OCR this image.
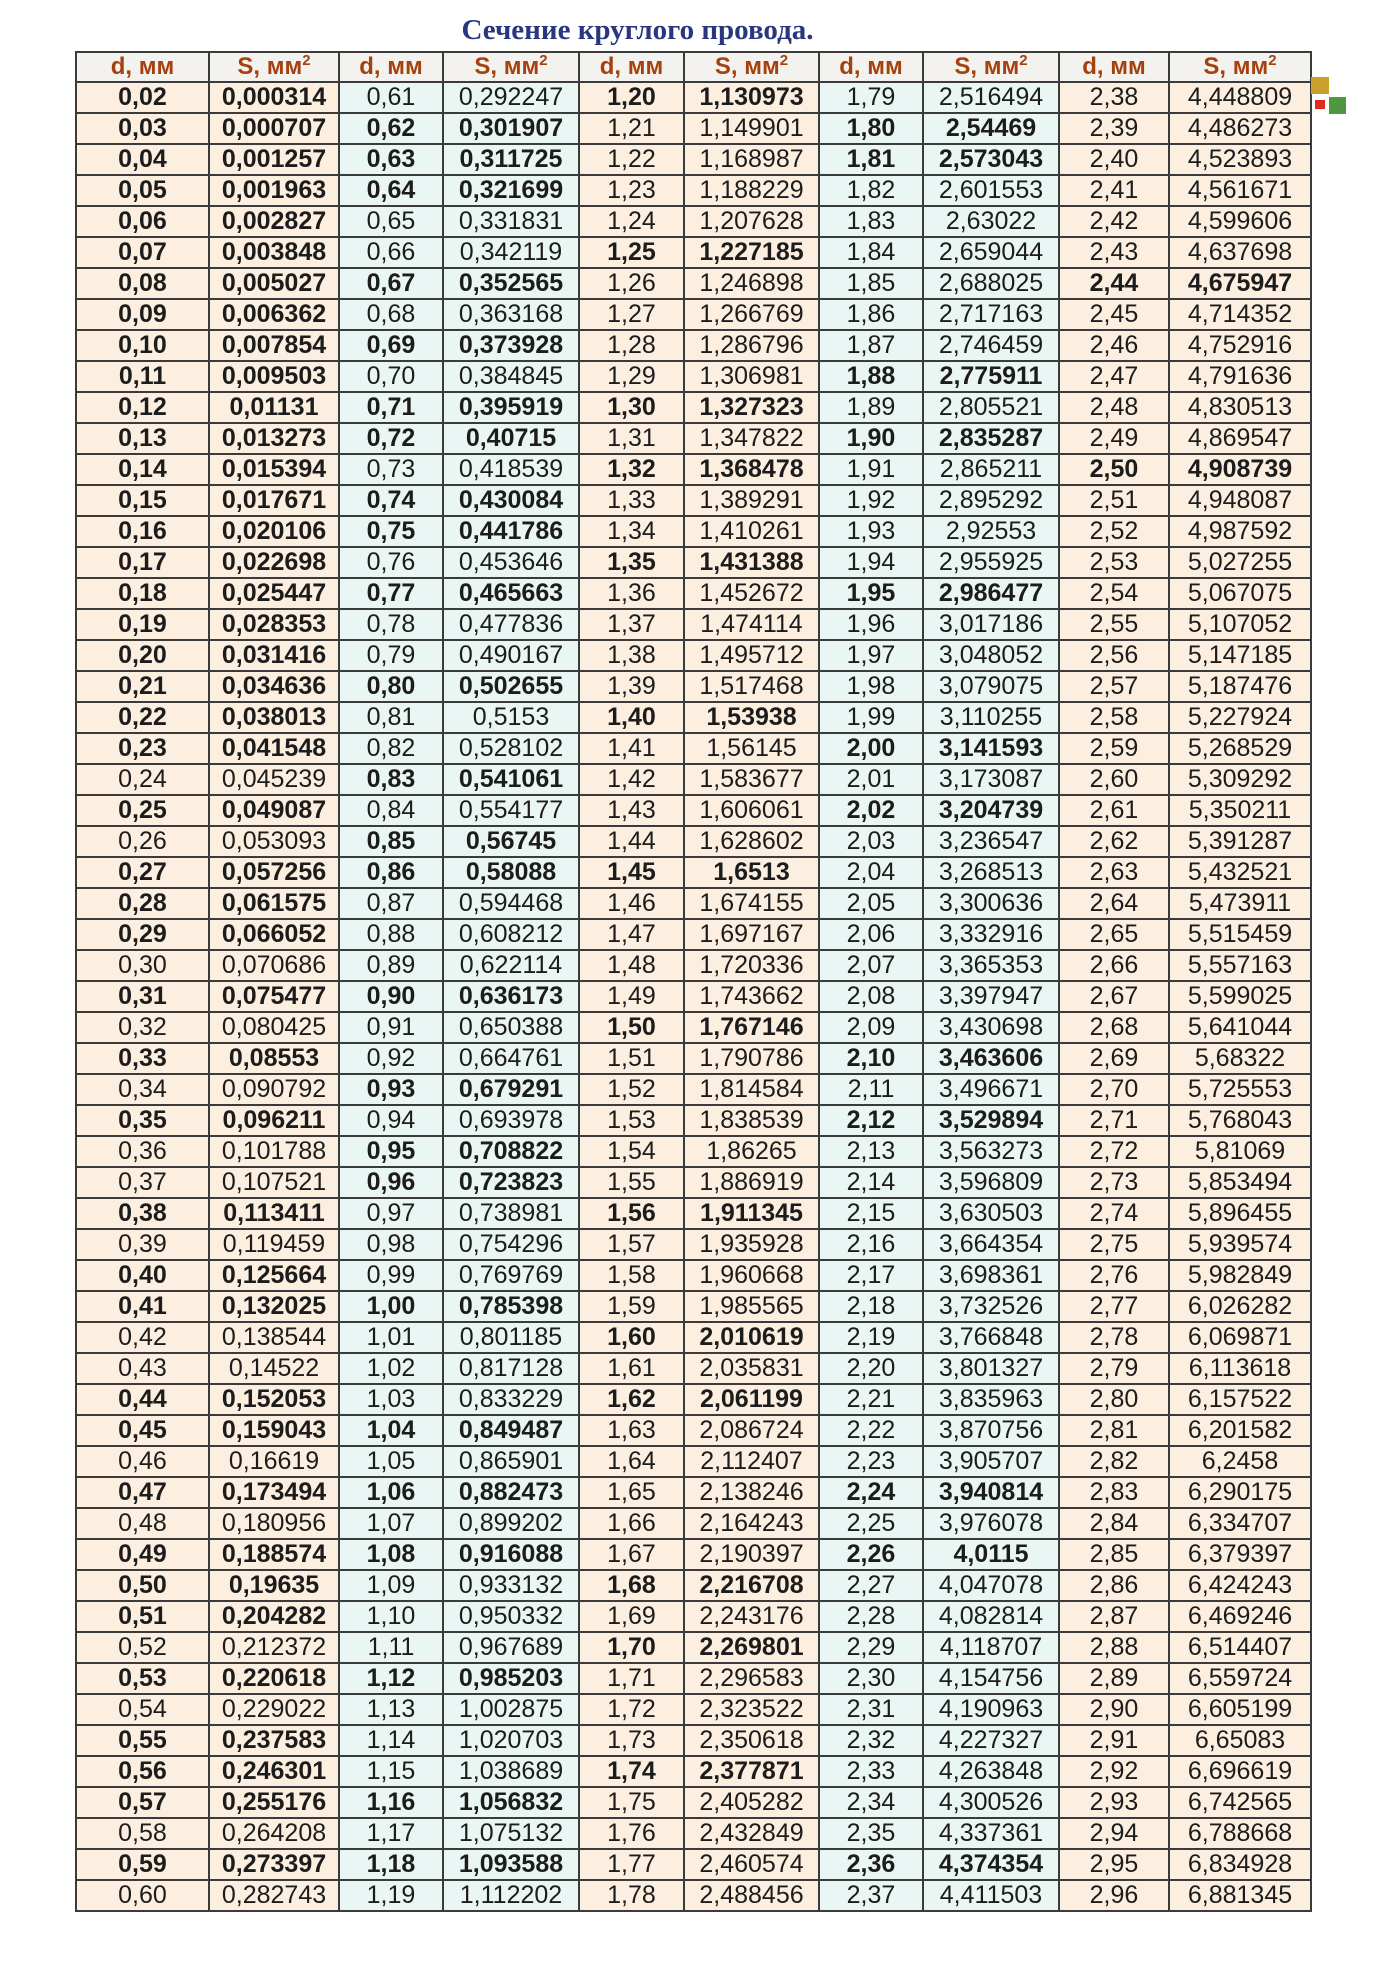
Сечение круглого провода.
d, мм	S, $мм^2$	d, мм	S, $мм^2$	d, мм	S, $мм^2$	d, мм	S, $мм^2$	d, мм	S, $мм^2$
0,02	0,000314	0,61	0,292247	1,20	1,130973	1,79	2,516494	2,38	4,448809
0,03	0,000707	0,62	0,301907	1,21	1,149901	1,80	2,54469	2,39	4,486273
0,04	0,001257	0,63	0,311725	1,22	1,168987	1,81	2,573043	2,40	4,523893
0,05	0,001963	0,64	0,321699	1,23	1,188229	1,82	2,601553	2,41	4,561671
0,06	0,002827	0,65	0,331831	1,24	1,207628	1,83	2,63022	2,42	4,599606
0,07	0,003848	0,66	0,342119	1,25	1,227185	1,84	2,659044	2,43	4,637698
0,08	0,005027	0,67	0,352565	1,26	1,246898	1,85	2,688025	2,44	4,675947
0,09	0,006362	0,68	0,363168	1,27	1,266769	1,86	2,717163	2,45	4,714352
0,10	0,007854	0,69	0,373928	1,28	1,286796	1,87	2,746459	2,46	4,752916
0,11	0,009503	0,70	0,384845	1,29	1,306981	1,88	2,775911	2,47	4,791636
0,12	0,01131	0,71	0,395919	1,30	1,327323	1,89	2,805521	2,48	4,830513
0,13	0,013273	0,72	0,40715	1,31	1,347822	1,90	2,835287	2,49	4,869547
0,14	0,015394	0,73	0,418539	1,32	1,368478	1,91	2,865211	2,50	4,908739
0,15	0,017671	0,74	0,430084	1,33	1,389291	1,92	2,895292	2,51	4,948087
0,16	0,020106	0,75	0,441786	1,34	1,410261	1,93	2,92553	2,52	4,987592
0,17	0,022698	0,76	0,453646	1,35	1,431388	1,94	2,955925	2,53	5,027255
0,18	0,025447	0,77	0,465663	1,36	1,452672	1,95	2,986477	2,54	5,067075
0,19	0,028353	0,78	0,477836	1,37	1,474114	1,96	3,017186	2,55	5,107052
0,20	0,031416	0,79	0,490167	1,38	1,495712	1,97	3,048052	2,56	5,147185
0,21	0,034636	0,80	0,502655	1,39	1,517468	1,98	3,079075	2,57	5,187476
0,22	0,038013	0,81	0,5153	1,40	1,53938	1,99	3,110255	2,58	5,227924
0,23	0,041548	0,82	0,528102	1,41	1,56145	2,00	3,141593	2,59	5,268529
0,24	0,045239	0,83	0,541061	1,42	1,583677	2,01	3,173087	2,60	5,309292
0,25	0,049087	0,84	0,554177	1,43	1,606061	2,02	3,204739	2,61	5,350211
0,26	0,053093	0,85	0,56745	1,44	1,628602	2,03	3,236547	2,62	5,391287
0,27	0,057256	0,86	0,58088	1,45	1,6513	2,04	3,268513	2,63	5,432521
0,28	0,061575	0,87	0,594468	1,46	1,674155	2,05	3,300636	2,64	5,473911
0,29	0,066052	0,88	0,608212	1,47	1,697167	2,06	3,332916	2,65	5,515459
0,30	0,070686	0,89	0,622114	1,48	1,720336	2,07	3,365353	2,66	5,557163
0,31	0,075477	0,90	0,636173	1,49	1,743662	2,08	3,397947	2,67	5,599025
0,32	0,080425	0,91	0,650388	1,50	1,767146	2,09	3,430698	2,68	5,641044
0,33	0,08553	0,92	0,664761	1,51	1,790786	2,10	3,463606	2,69	5,68322
0,34	0,090792	0,93	0,679291	1,52	1,814584	2,11	3,496671	2,70	5,725553
0,35	0,096211	0,94	0,693978	1,53	1,838539	2,12	3,529894	2,71	5,768043
0,36	0,101788	0,95	0,708822	1,54	1,86265	2,13	3,563273	2,72	5,81069
0,37	0,107521	0,96	0,723823	1,55	1,886919	2,14	3,596809	2,73	5,853494
0,38	0,113411	0,97	0,738981	1,56	1,911345	2,15	3,630503	2,74	5,896455
0,39	0,119459	0,98	0,754296	1,57	1,935928	2,16	3,664354	2,75	5,939574
0,40	0,125664	0,99	0,769769	1,58	1,960668	2,17	3,698361	2,76	5,982849
0,41	0,132025	1,00	0,785398	1,59	1,985565	2,18	3,732526	2,77	6,026282
0,42	0,138544	1,01	0,801185	1,60	2,010619	2,19	3,766848	2,78	6,069871
0,43	0,14522	1,02	0,817128	1,61	2,035831	2,20	3,801327	2,79	6,113618
0,44	0,152053	1,03	0,833229	1,62	2,061199	2,21	3,835963	2,80	6,157522
0,45	0,159043	1,04	0,849487	1,63	2,086724	2,22	3,870756	2,81	6,201582
0,46	0,16619	1,05	0,865901	1,64	2,112407	2,23	3,905707	2,82	6,2458
0,47	0,173494	1,06	0,882473	1,65	2,138246	2,24	3,940814	2,83	6,290175
0,48	0,180956	1,07	0,899202	1,66	2,164243	2,25	3,976078	2,84	6,334707
0,49	0,188574	1,08	0,916088	1,67	2,190397	2,26	4,0115	2,85	6,379397
0,50	0,19635	1,09	0,933132	1,68	2,216708	2,27	4,047078	2,86	6,424243
0,51	0,204282	1,10	0,950332	1,69	2,243176	2,28	4,082814	2,87	6,469246
0,52	0,212372	1,11	0,967689	1,70	2,269801	2,29	4,118707	2,88	6,514407
0,53	0,220618	1,12	0,985203	1,71	2,296583	2,30	4,154756	2,89	6,559724
0,54	0,229022	1,13	1,002875	1,72	2,323522	2,31	4,190963	2,90	6,605199
0,55	0,237583	1,14	1,020703	1,73	2,350618	2,32	4,227327	2,91	6,65083
0,56	0,246301	1,15	1,038689	1,74	2,377871	2,33	4,263848	2,92	6,696619
0,57	0,255176	1,16	1,056832	1,75	2,405282	2,34	4,300526	2,93	6,742565
0,58	0,264208	1,17	1,075132	1,76	2,432849	2,35	4,337361	2,94	6,788668
0,59	0,273397	1,18	1,093588	1,77	2,460574	2,36	4,374354	2,95	6,834928
0,60	0,282743	1,19	1,112202	1,78	2,488456	2,37	4,411503	2,96	6,881345
